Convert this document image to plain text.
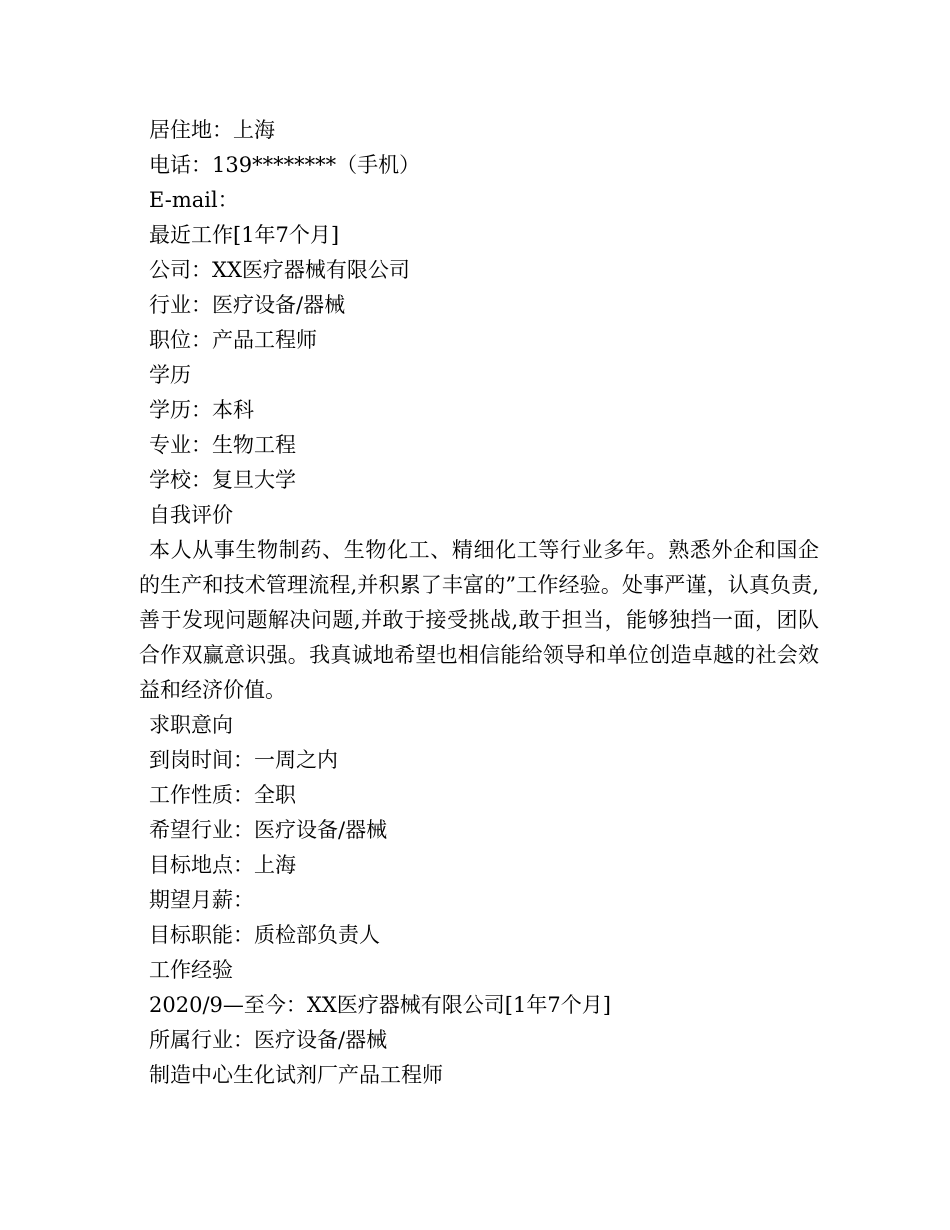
居住地：上海
电话：139********（手机）
E-mail：
最近工作[1年7个月]
公司：XX医疗器械有限公司
行业：医疗设备/器械
职位：产品工程师
学历
学历：本科
专业：生物工程
学校：复旦大学
自我评价

本人从事生物制药、生物化工、精细化工等行业多年。熟悉外企和国企的生产和技术管理流程,并积累了丰富的”工作经验。处事严谨，认真负责,善于发现问题解决问题,并敢于接受挑战,敢于担当，能够独挡一面，团队合作双赢意识强。我真诚地希望也相信能给领导和单位创造卓越的社会效益和经济价值。

求职意向
到岗时间：一周之内
工作性质：全职
希望行业：医疗设备/器械
目标地点：上海
期望月薪：
目标职能：质检部负责人
工作经验
2020/9—至今：XX医疗器械有限公司[1年7个月]
所属行业：医疗设备/器械
制造中心生化试剂厂产品工程师
